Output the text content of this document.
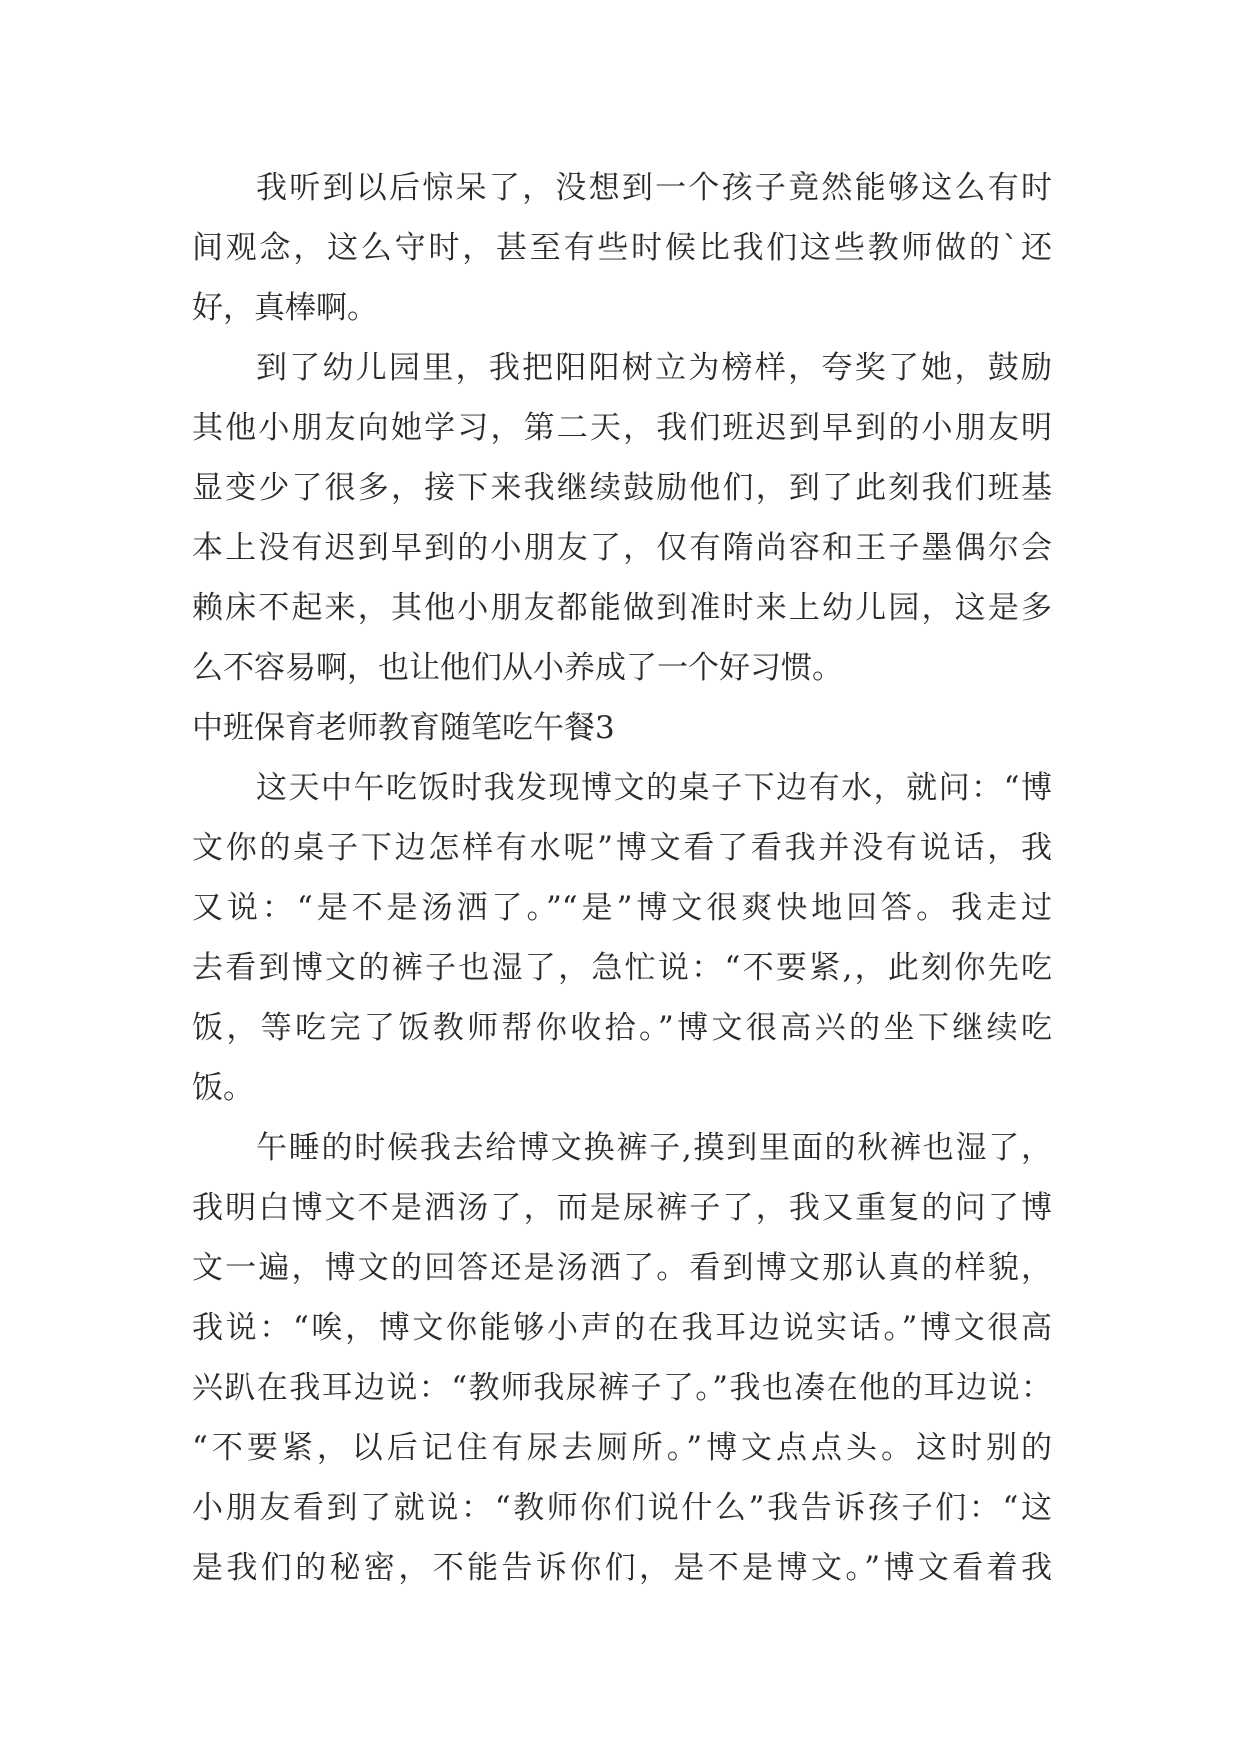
我听到以后惊呆了，没想到一个孩子竟然能够这么有时
间观念，这么守时，甚至有些时候比我们这些教师做的`还
好，真棒啊。
到了幼儿园里，我把阳阳树立为榜样，夸奖了她，鼓励
其他小朋友向她学习，第二天，我们班迟到早到的小朋友明
显变少了很多，接下来我继续鼓励他们，到了此刻我们班基
本上没有迟到早到的小朋友了，仅有隋尚容和王子墨偶尔会
赖床不起来，其他小朋友都能做到准时来上幼儿园，这是多
么不容易啊，也让他们从小养成了一个好习惯。
中班保育老师教育随笔吃午餐3
这天中午吃饭时我发现博文的桌子下边有水，就问：“博
文你的桌子下边怎样有水呢”博文看了看我并没有说话，我
又说：“是不是汤洒了。”“是”博文很爽快地回答。我走过
去看到博文的裤子也湿了，急忙说：“不要紧,，此刻你先吃
饭，等吃完了饭教师帮你收拾。”博文很高兴的坐下继续吃
饭。
午睡的时候我去给博文换裤子,摸到里面的秋裤也湿了，
我明白博文不是洒汤了，而是尿裤子了，我又重复的问了博
文一遍，博文的回答还是汤洒了。看到博文那认真的样貌，
我说：“唉，博文你能够小声的在我耳边说实话。”博文很高
兴趴在我耳边说：“教师我尿裤子了。”我也凑在他的耳边说：
“不要紧，以后记住有尿去厕所。”博文点点头。这时别的
小朋友看到了就说：“教师你们说什么”我告诉孩子们：“这
是我们的秘密，不能告诉你们，是不是博文。”博文看着我
